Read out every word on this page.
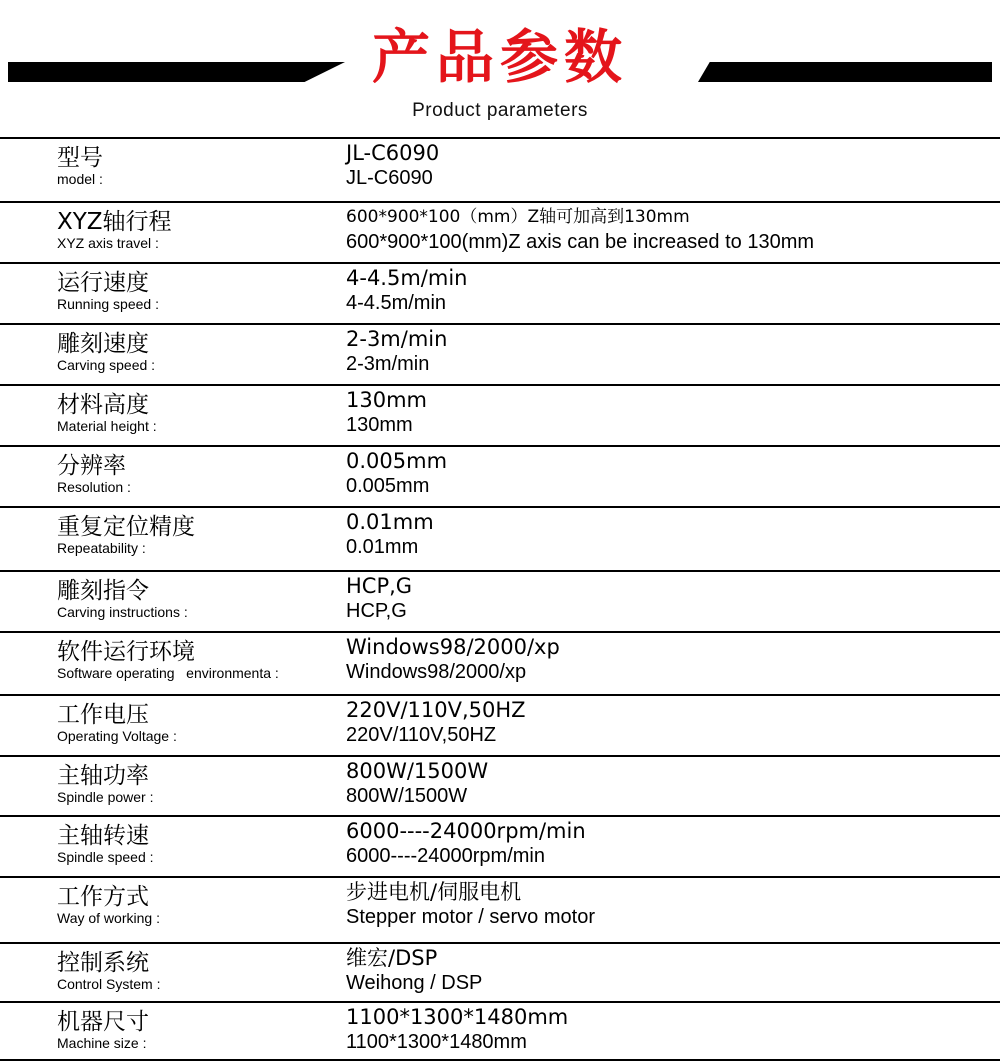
产品参数
Product parameters
型号
model :
JL-C6090
JL-C6090
XYZ轴行程
XYZ axis travel :
600*900*100（mm）Z轴可加高到130mm
600*900*100(mm)Z axis can be increased to 130mm
运行速度
Running speed :
4-4.5m/min
4-4.5m/min
雕刻速度
Carving speed :
2-3m/min
2-3m/min
材料高度
Material height :
130mm
130mm
分辨率
Resolution :
0.005mm
0.005mm
重复定位精度
Repeatability :
0.01mm
0.01mm
雕刻指令
Carving instructions :
HCP,G
HCP,G
软件运行环境
Software operating   environmenta :
Windows98/2000/xp
Windows98/2000/xp
工作电压
Operating Voltage :
220V/110V,50HZ
220V/110V,50HZ
主轴功率
Spindle power :
800W/1500W
800W/1500W
主轴转速
Spindle speed :
6000----24000rpm/min
6000----24000rpm/min
工作方式
Way of working :
步进电机/伺服电机
Stepper motor / servo motor
控制系统
Control System :
维宏/DSP
Weihong / DSP
机器尺寸
Machine size :
1100*1300*1480mm
1100*1300*1480mm
